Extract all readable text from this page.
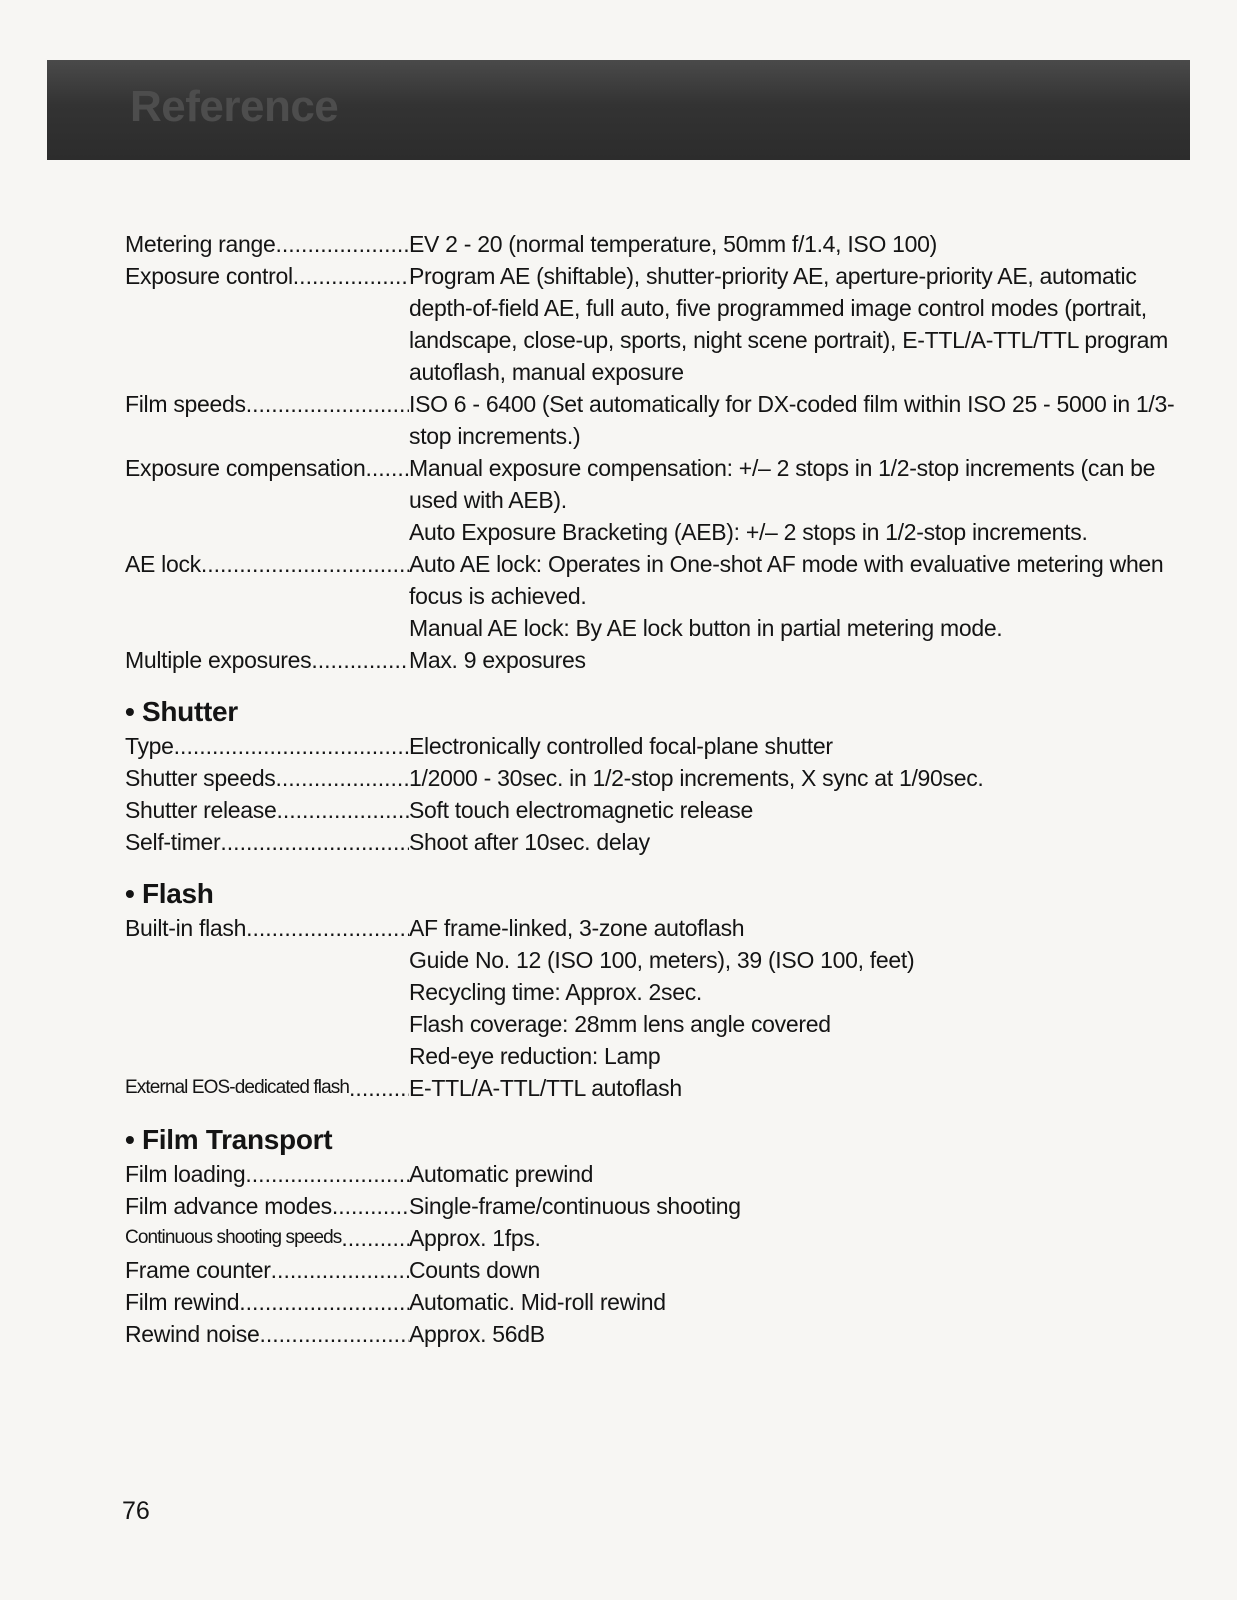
Reference
Metering range .....	EV 2 - 20 (normal temperature, 50mm f/1.4, ISO 100)
Exposure control .....	Program AE (shiftable), shutter-priority AE, aperture-priority AE, automatic depth-of-field AE, full auto, five programmed image control modes (portrait, landscape, close-up, sports, night scene portrait), E-TTL/A-TTL/TTL program autoflash, manual exposure
Film speeds .....	ISO 6 - 6400 (Set automatically for DX-coded film within ISO 25 - 5000 in 1/3-stop increments.)
Exposure compensation ..... Manual exposure compensation: +/– 2 stops in 1/2-stop increments (can be used with AEB).
Auto Exposure Bracketing (AEB): +/– 2 stops in 1/2-stop increments.
AE lock .....	Auto AE lock: Operates in One-shot AF mode with evaluative metering when focus is achieved.
Manual AE lock: By AE lock button in partial metering mode.
Multiple exposures .....	Max. 9 exposures
• Shutter
Type .....	Electronically controlled focal-plane shutter
Shutter speeds .....	1/2000 - 30sec. in 1/2-stop increments, X sync at 1/90sec.
Shutter release .....	Soft touch electromagnetic release
Self-timer .....	Shoot after 10sec. delay
• Flash
Built-in flash .....	AF frame-linked, 3-zone autoflash
Guide No. 12 (ISO 100, meters), 39 (ISO 100, feet)
Recycling time: Approx. 2sec.
Flash coverage: 28mm lens angle covered
Red-eye reduction: Lamp
External EOS-dedicated flash .....	E-TTL/A-TTL/TTL autoflash
• Film Transport
Film loading .....	Automatic prewind
Film advance modes .....	Single-frame/continuous shooting
Continuous shooting speeds .....	Approx. 1fps.
Frame counter .....	Counts down
Film rewind .....	Automatic. Mid-roll rewind
Rewind noise .....	Approx. 56dB
76
